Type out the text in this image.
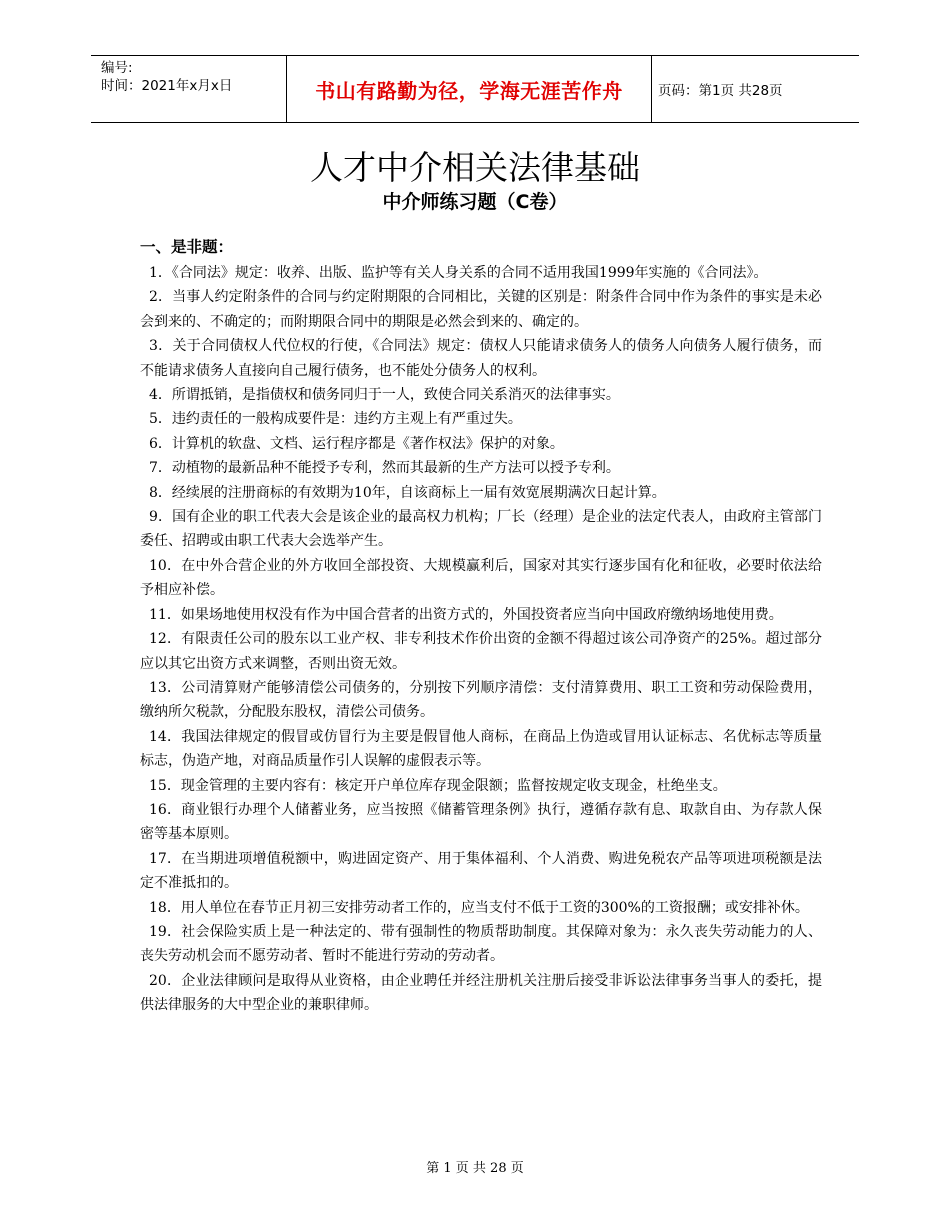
编号:
时间：2021年x月x日	书山有路勤为径，学海无涯苦作舟	页码：第1页 共28页
人才中介相关法律基础
中介师练习题（C卷）
一、是非题：
1．《合同法》规定：收养、出版、监护等有关人身关系的合同不适用我国1999年实施的《合同法》。
2．当事人约定附条件的合同与约定附期限的合同相比，关键的区别是：附条件合同中作为条件的事实是未必会到来的、不确定的；而附期限合同中的期限是必然会到来的、确定的。
3．关于合同债权人代位权的行使，《合同法》规定：债权人只能请求债务人的债务人向债务人履行债务，而不能请求债务人直接向自己履行债务，也不能处分债务人的权利。
4．所谓抵销，是指债权和债务同归于一人，致使合同关系消灭的法律事实。
5．违约责任的一般构成要件是：违约方主观上有严重过失。
6．计算机的软盘、文档、运行程序都是《著作权法》保护的对象。
7．动植物的最新品种不能授予专利，然而其最新的生产方法可以授予专利。
8．经续展的注册商标的有效期为10年，自该商标上一届有效宽展期满次日起计算。
9．国有企业的职工代表大会是该企业的最高权力机构；厂长（经理）是企业的法定代表人，由政府主管部门委任、招聘或由职工代表大会选举产生。
10．在中外合营企业的外方收回全部投资、大规模赢利后，国家对其实行逐步国有化和征收，必要时依法给予相应补偿。
11．如果场地使用权没有作为中国合营者的出资方式的，外国投资者应当向中国政府缴纳场地使用费。
12．有限责任公司的股东以工业产权、非专利技术作价出资的金额不得超过该公司净资产的25%。超过部分应以其它出资方式来调整，否则出资无效。
13．公司清算财产能够清偿公司债务的，分别按下列顺序清偿：支付清算费用、职工工资和劳动保险费用，缴纳所欠税款，分配股东股权，清偿公司债务。
14．我国法律规定的假冒或仿冒行为主要是假冒他人商标，在商品上伪造或冒用认证标志、名优标志等质量标志，伪造产地，对商品质量作引人误解的虚假表示等。
15．现金管理的主要内容有：核定开户单位库存现金限额；监督按规定收支现金，杜绝坐支。
16．商业银行办理个人储蓄业务，应当按照《储蓄管理条例》执行，遵循存款有息、取款自由、为存款人保密等基本原则。
17．在当期进项增值税额中，购进固定资产、用于集体福利、个人消费、购进免税农产品等项进项税额是法定不准抵扣的。
18．用人单位在春节正月初三安排劳动者工作的，应当支付不低于工资的300%的工资报酬；或安排补休。
19．社会保险实质上是一种法定的、带有强制性的物质帮助制度。其保障对象为：永久丧失劳动能力的人、丧失劳动机会而不愿劳动者、暂时不能进行劳动的劳动者。
20．企业法律顾问是取得从业资格，由企业聘任并经注册机关注册后接受非诉讼法律事务当事人的委托，提供法律服务的大中型企业的兼职律师。
第 1 页 共 28 页
